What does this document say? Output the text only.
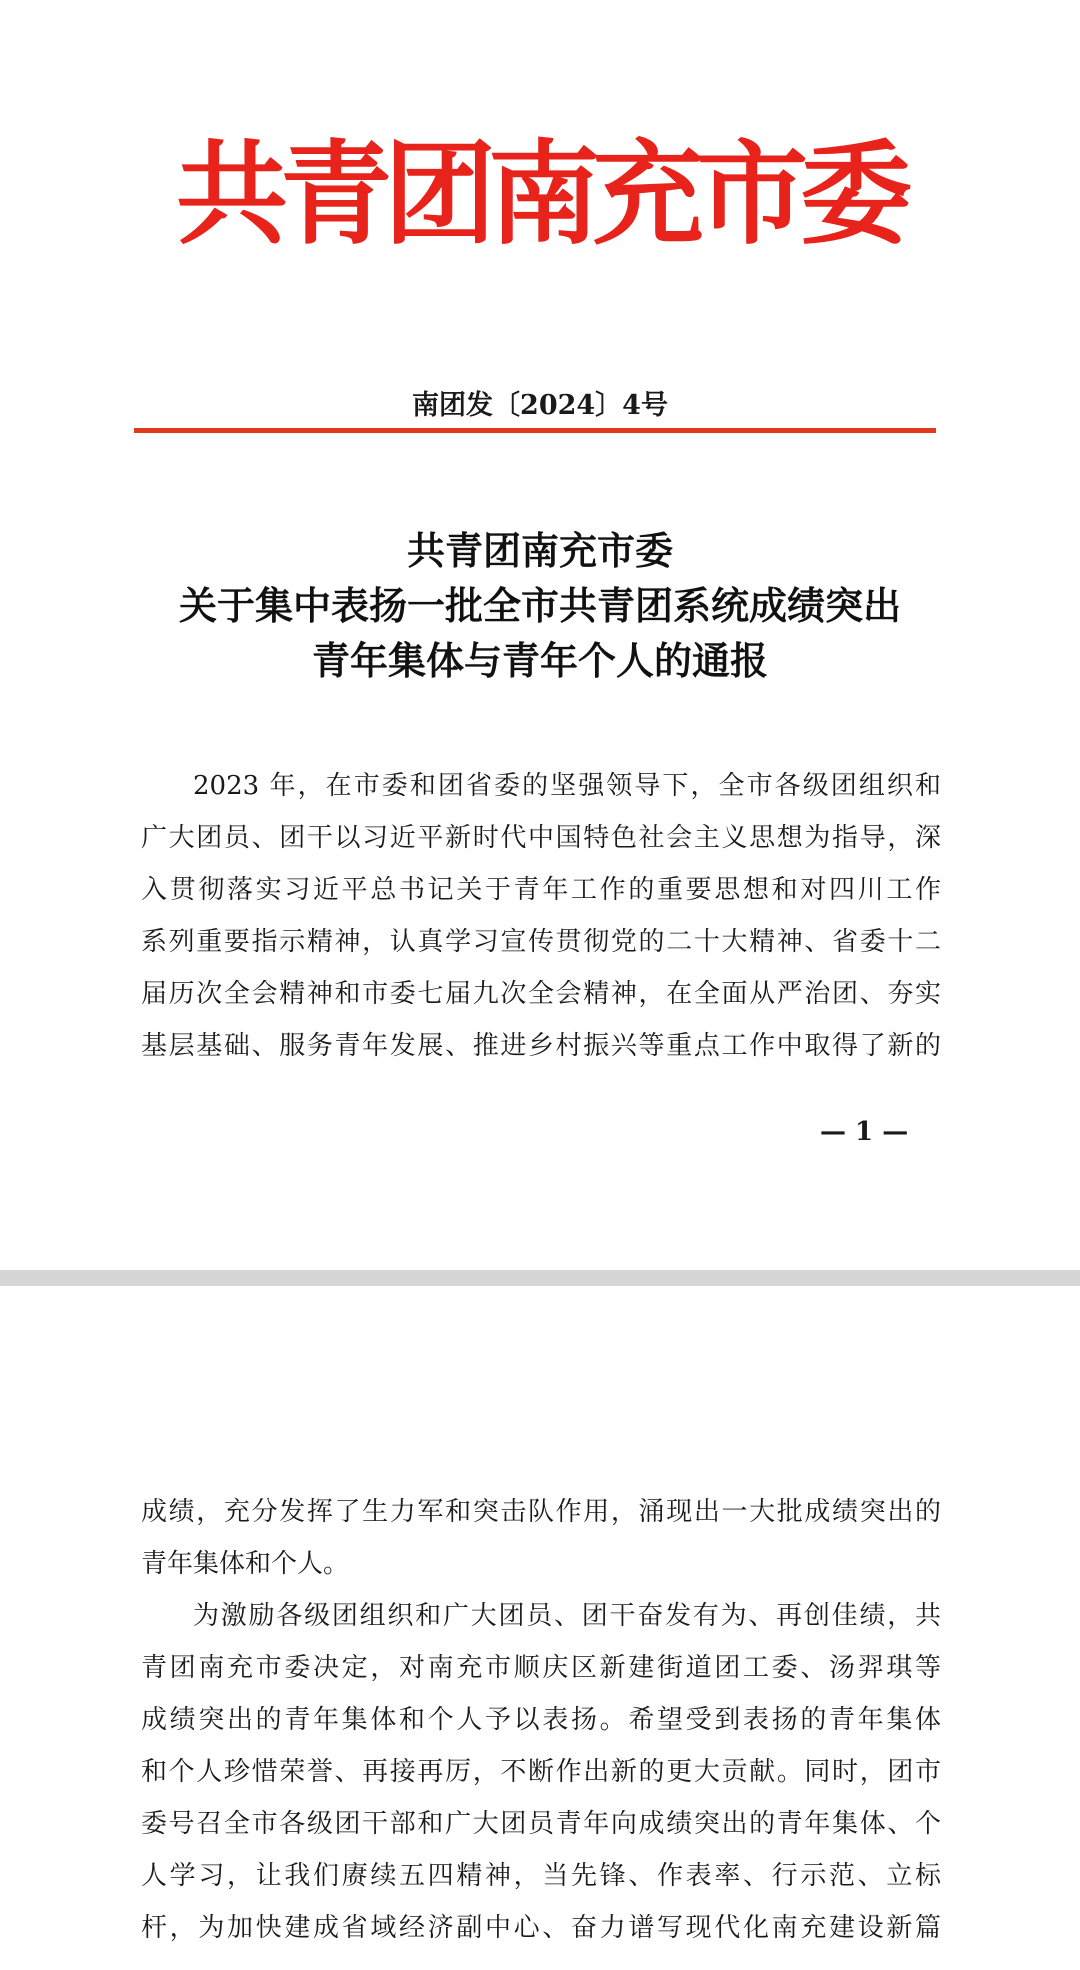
共青团南充市委
南团发〔2024〕4号
共青团南充市委
关于集中表扬一批全市共青团系统成绩突出
青年集体与青年个人的通报
2023 年，在市委和团省委的坚强领导下，全市各级团组织和
广大团员、团干以习近平新时代中国特色社会主义思想为指导，深
入贯彻落实习近平总书记关于青年工作的重要思想和对四川工作
系列重要指示精神，认真学习宣传贯彻党的二十大精神、省委十二
届历次全会精神和市委七届九次全会精神，在全面从严治团、夯实
基层基础、服务青年发展、推进乡村振兴等重点工作中取得了新的
— 1 —
成绩，充分发挥了生力军和突击队作用，涌现出一大批成绩突出的
青年集体和个人。
为激励各级团组织和广大团员、团干奋发有为、再创佳绩，共
青团南充市委决定，对南充市顺庆区新建街道团工委、汤羿琪等
成绩突出的青年集体和个人予以表扬。希望受到表扬的青年集体
和个人珍惜荣誉、再接再厉，不断作出新的更大贡献。同时，团市
委号召全市各级团干部和广大团员青年向成绩突出的青年集体、个
人学习，让我们赓续五四精神，当先锋、作表率、行示范、立标
杆，为加快建成省域经济副中心、奋力谱写现代化南充建设新篇
